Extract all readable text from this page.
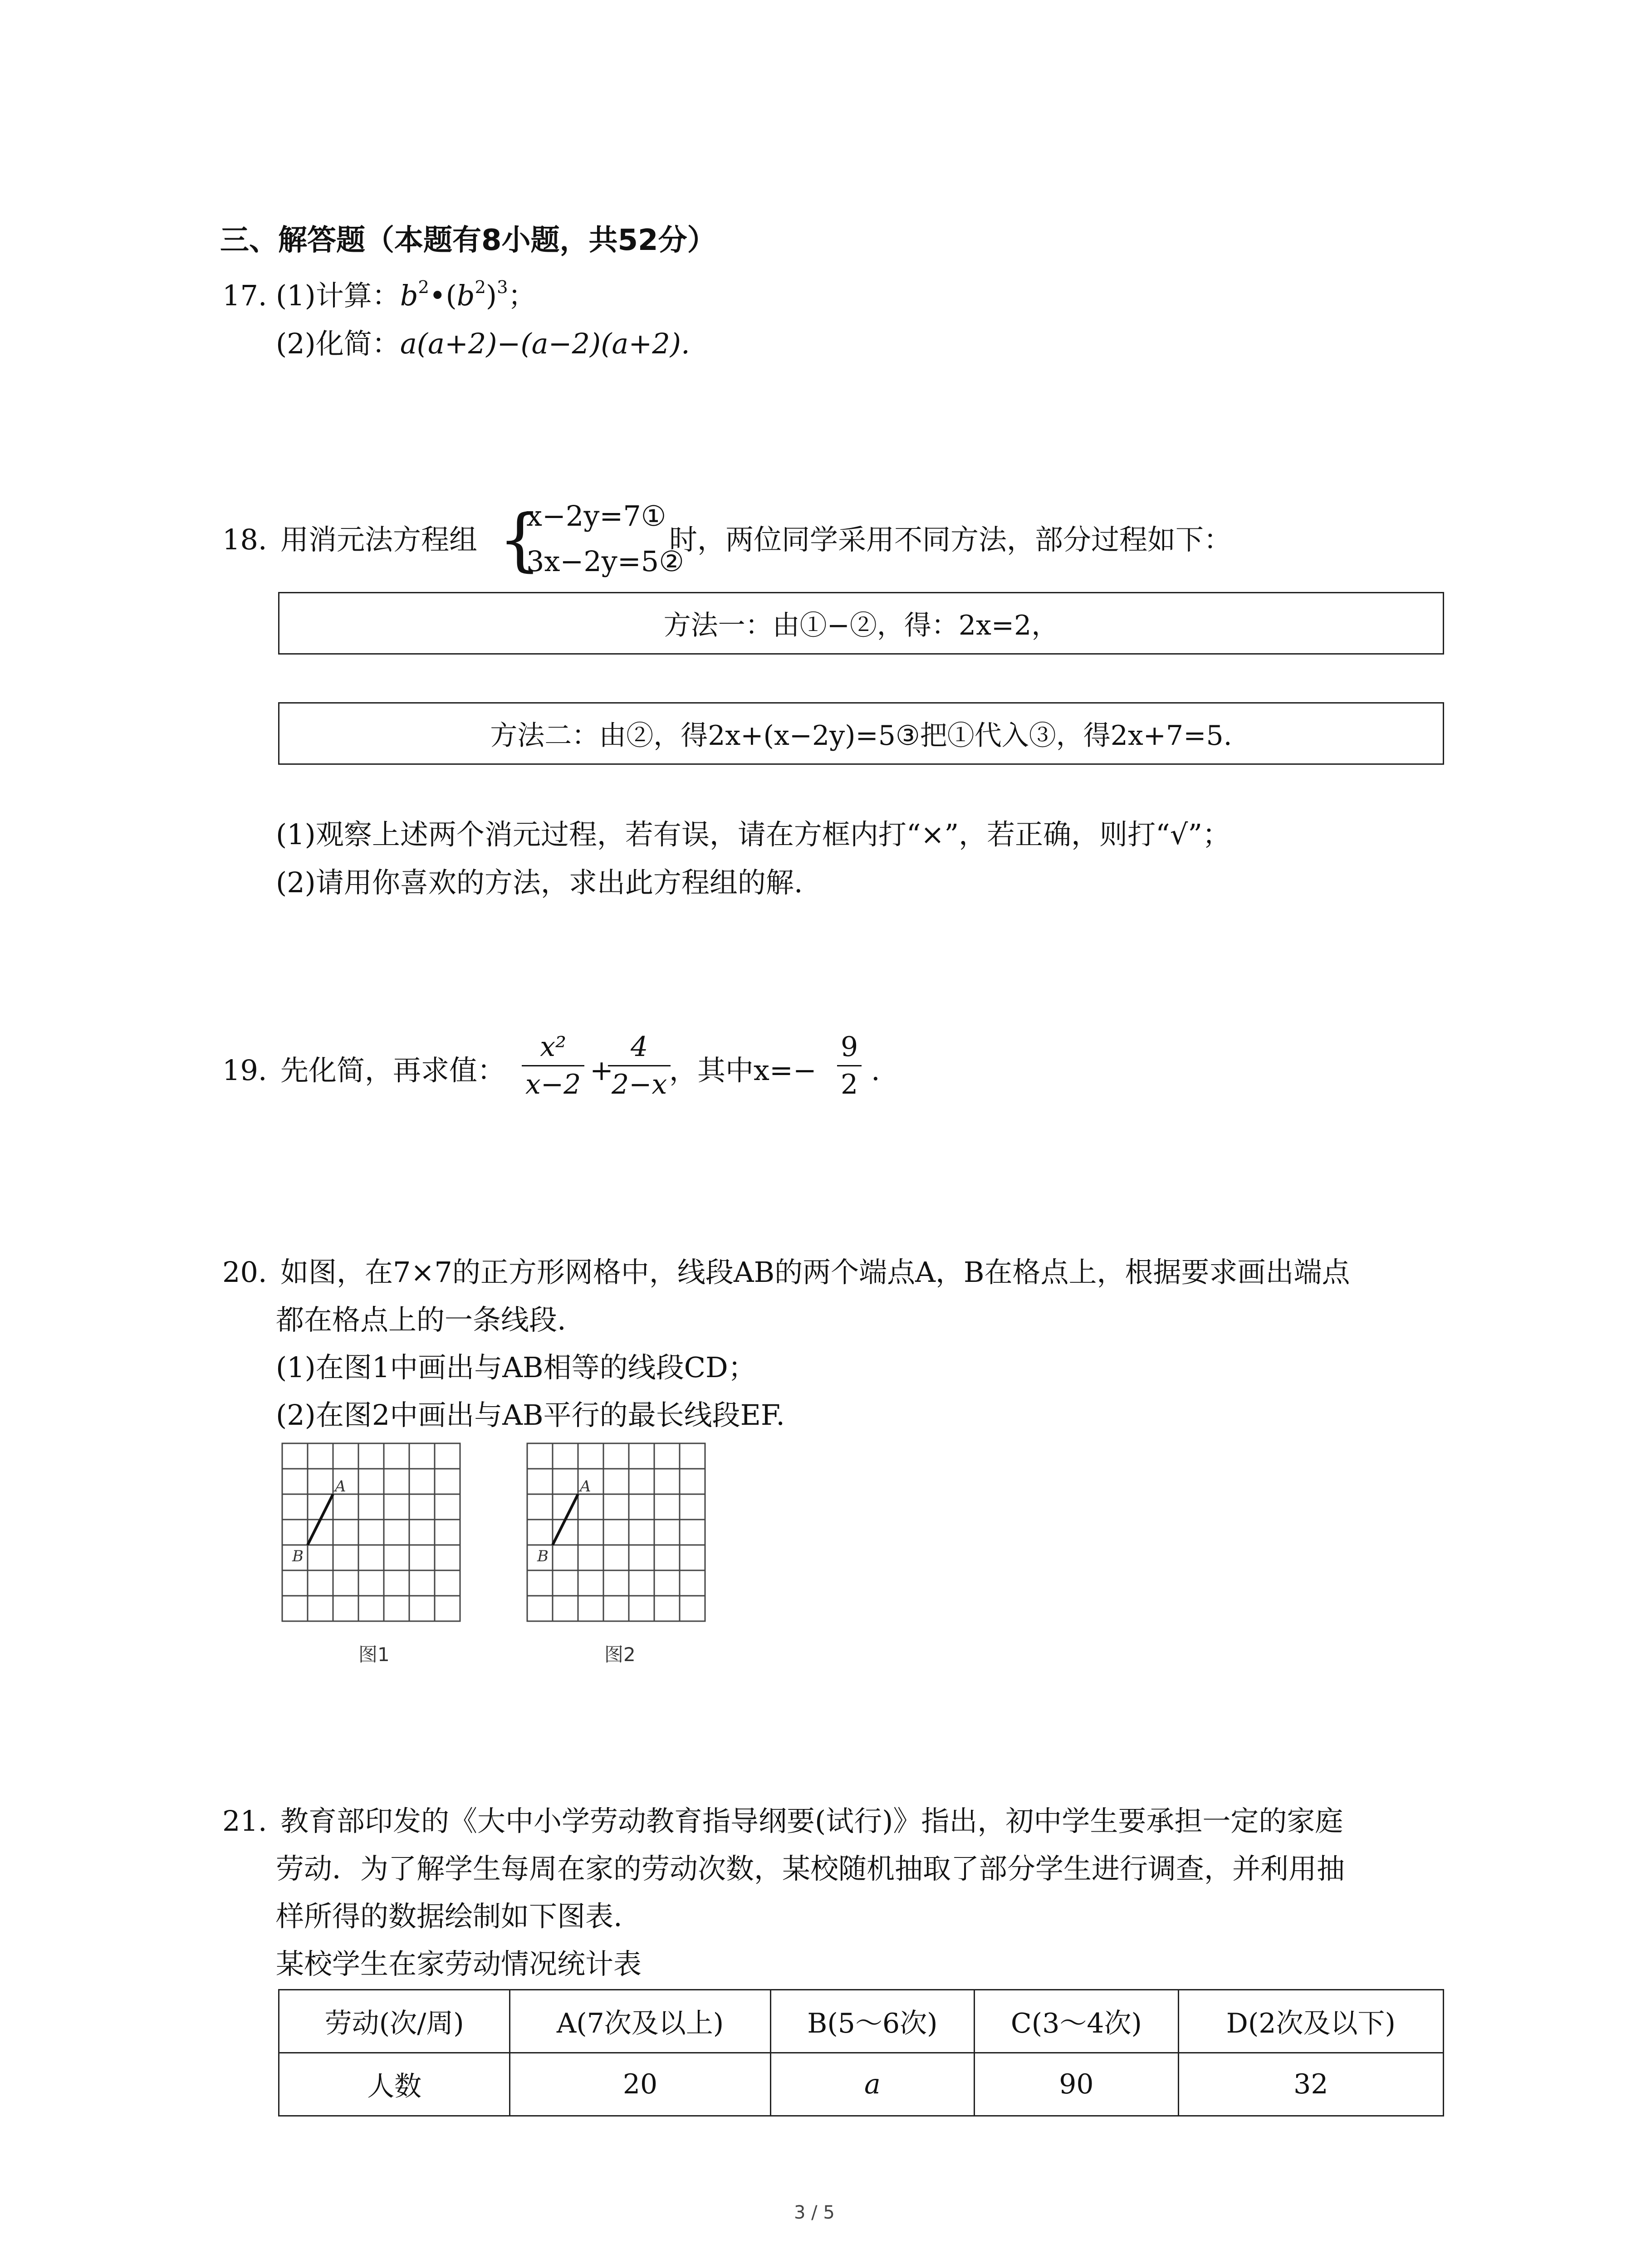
三、解答题（本题有8小题，共52分）
17. (1)计算：$b^2•(b^2)^3$；
(2)化简：a(a+2)−(a−2)(a+2).
18. 用消元法方程组 {
x−2y=7①
3x−2y=5②
时，两位同学采用不同方法，部分过程如下：
方法一：由①−②，得：2x=2，
方法二：由②，得2x+(x−2y)=5③把①代入③，得2x+7=5.
(1)观察上述两个消元过程，若有误，请在方框内打“×”，若正确，则打“√”；
(2)请用你喜欢的方法，求出此方程组的解.
19. 先化简，再求值：
x²
x−2 +
4
2−x ，其中x=−
9
2 .
20. 如图，在7×7的正方形网格中，线段AB的两个端点A，B在格点上，根据要求画出端点
都在格点上的一条线段.
(1)在图1中画出与AB相等的线段CD；
(2)在图2中画出与AB平行的最长线段EF.
A
B
图1
A
B
图2
21. 教育部印发的《大中小学劳动教育指导纲要(试行)》指出，初中学生要承担一定的家庭
劳动．为了解学生每周在家的劳动次数，某校随机抽取了部分学生进行调查，并利用抽
样所得的数据绘制如下图表.
某校学生在家劳动情况统计表
劳动(次/周)	A(7次及以上)	B(5～6次)	C(3～4次)	D(2次及以下)
人数	20	a	90	32
3 / 5
